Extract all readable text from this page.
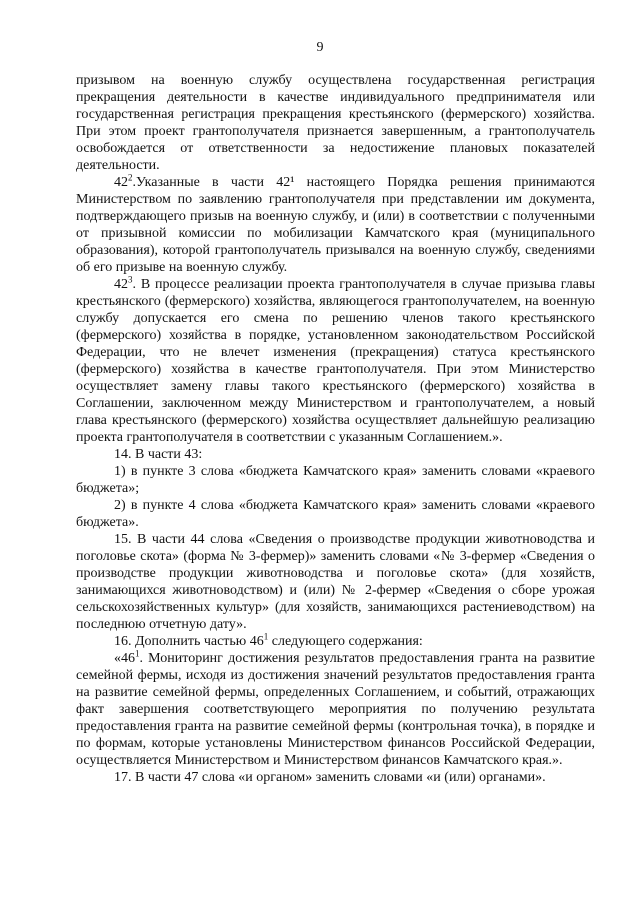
9

призывом на военную службу осуществлена государственная регистрация прекращения деятельности в качестве индивидуального предпринимателя или государственная регистрация прекращения крестьянского (фермерского) хозяйства. При этом проект грантополучателя признается завершенным, а грантополучатель освобождается от ответственности за недостижение плановых показателей деятельности.

$42^2.Указанные$ в части 42¹ настоящего Порядка решения принимаются Министерством по заявлению грантополучателя при представлении им документа, подтверждающего призыв на военную службу, и (или) в соответствии с полученными от призывной комиссии по мобилизации Камчатского края (муниципального образования), которой грантополучатель призывался на военную службу, сведениями об его призыве на военную службу.

$42^3$. В процессе реализации проекта грантополучателя в случае призыва главы крестьянского (фермерского) хозяйства, являющегося грантополучателем, на военную службу допускается его смена по решению членов такого крестьянского (фермерского) хозяйства в порядке, установленном законодательством Российской Федерации, что не влечет изменения (прекращения) статуса крестьянского (фермерского) хозяйства в качестве грантополучателя. При этом Министерство осуществляет замену главы такого крестьянского (фермерского) хозяйства в Соглашении, заключенном между Министерством и грантополучателем, а новый глава крестьянского (фермерского) хозяйства осуществляет дальнейшую реализацию проекта грантополучателя в соответствии с указанным Соглашением.».

14. В части 43:

1) в пункте 3 слова «бюджета Камчатского края» заменить словами «краевого бюджета»;

2) в пункте 4 слова «бюджета Камчатского края» заменить словами «краевого бюджета».

15. В части 44 слова «Сведения о производстве продукции животноводства и поголовье скота» (форма № 3-фермер)» заменить словами «№ 3-фермер «Сведения о производстве продукции животноводства и поголовье скота» (для хозяйств, занимающихся животноводством) и (или) № 2-фермер «Сведения о сборе урожая сельскохозяйственных культур» (для хозяйств, занимающихся растениеводством) на последнюю отчетную дату».

16. Дополнить частью $46^1$ следующего содержания:

«$46^1$. Мониторинг достижения результатов предоставления гранта на развитие семейной фермы, исходя из достижения значений результатов предоставления гранта на развитие семейной фермы, определенных Соглашением, и событий, отражающих факт завершения соответствующего мероприятия по получению результата предоставления гранта на развитие семейной фермы (контрольная точка), в порядке и по формам, которые установлены Министерством финансов Российской Федерации, осуществляется Министерством и Министерством финансов Камчатского края.».

17. В части 47 слова «и органом» заменить словами «и (или) органами».
